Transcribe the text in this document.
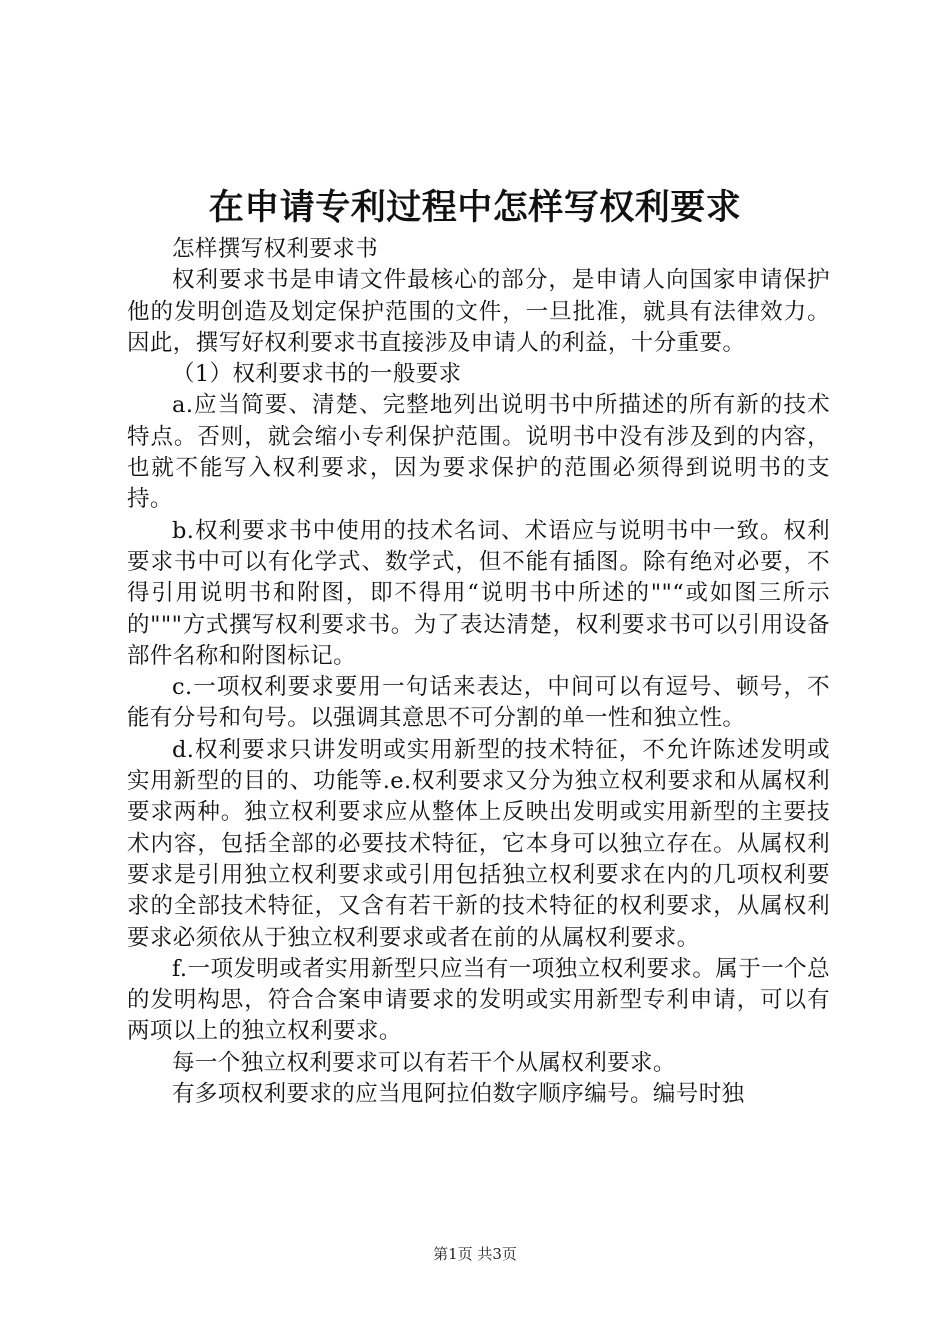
在申请专利过程中怎样写权利要求

怎样撰写权利要求书

权利要求书是申请文件最核心的部分，是申请人向国家申请保护他的发明创造及划定保护范围的文件，一旦批准，就具有法律效力。因此，撰写好权利要求书直接涉及申请人的利益，十分重要。

（1）权利要求书的一般要求

a.应当简要、清楚、完整地列出说明书中所描述的所有新的技术特点。否则，就会缩小专利保护范围。说明书中没有涉及到的内容，也就不能写入权利要求，因为要求保护的范围必须得到说明书的支持。

b.权利要求书中使用的技术名词、术语应与说明书中一致。权利要求书中可以有化学式、数学式，但不能有插图。除有绝对必要，不得引用说明书和附图，即不得用“说明书中所述的""“或如图三所示的"""方式撰写权利要求书。为了表达清楚，权利要求书可以引用设备部件名称和附图标记。

c.一项权利要求要用一句话来表达，中间可以有逗号、顿号，不能有分号和句号。以强调其意思不可分割的单一性和独立性。

d.权利要求只讲发明或实用新型的技术特征，不允许陈述发明或实用新型的目的、功能等.e.权利要求又分为独立权利要求和从属权利要求两种。独立权利要求应从整体上反映出发明或实用新型的主要技术内容，包括全部的必要技术特征，它本身可以独立存在。从属权利要求是引用独立权利要求或引用包括独立权利要求在内的几项权利要求的全部技术特征，又含有若干新的技术特征的权利要求，从属权利要求必须依从于独立权利要求或者在前的从属权利要求。

f.一项发明或者实用新型只应当有一项独立权利要求。属于一个总的发明构思，符合合案申请要求的发明或实用新型专利申请，可以有两项以上的独立权利要求。

每一个独立权利要求可以有若干个从属权利要求。

有多项权利要求的应当甩阿拉伯数字顺序编号。编号时独

第1页 共3页
